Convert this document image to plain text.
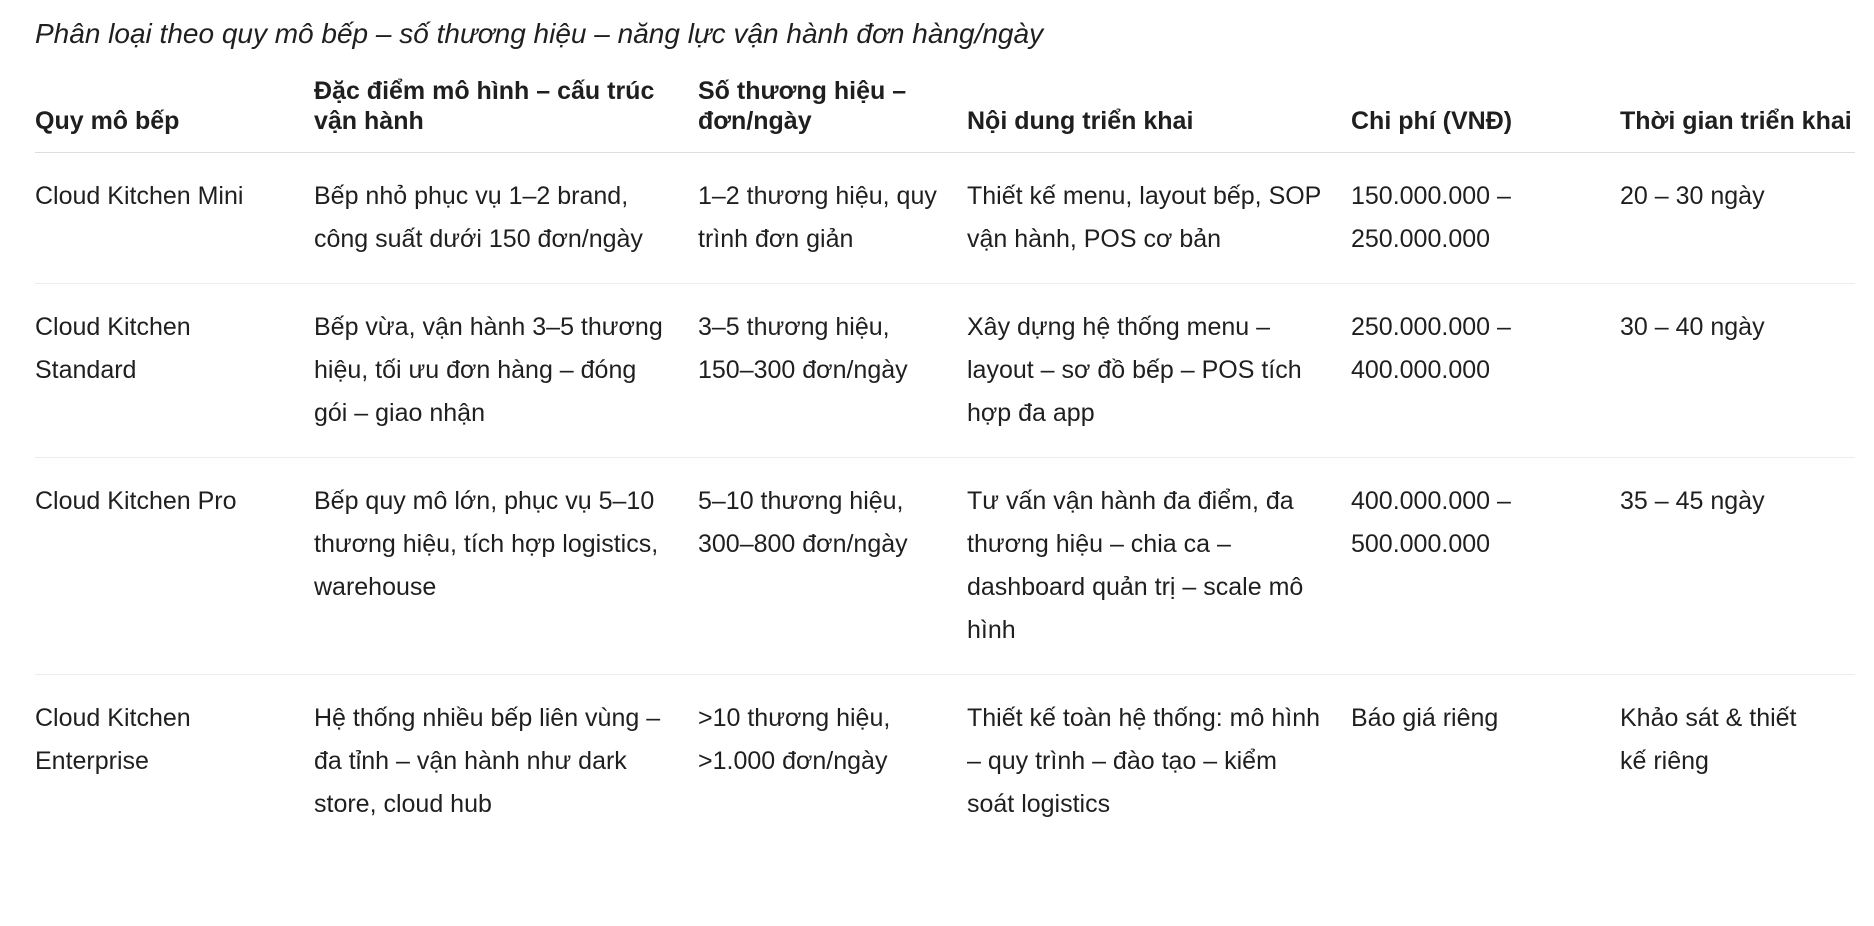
Phân loại theo quy mô bếp – số thương hiệu – năng lực vận hành đơn hàng/ngày

Quy mô bếp	Đặc điểm mô hình – cấu trúc vận hành	Số thương hiệu – đơn/ngày	Nội dung triển khai	Chi phí (VNĐ)	Thời gian triển khai
Cloud Kitchen Mini	Bếp nhỏ phục vụ 1–2 brand, công suất dưới 150 đơn/ngày	1–2 thương hiệu, quy trình đơn giản	Thiết kế menu, layout bếp, SOP vận hành, POS cơ bản	150.000.000 – 250.000.000	20 – 30 ngày
Cloud Kitchen Standard	Bếp vừa, vận hành 3–5 thương hiệu, tối ưu đơn hàng – đóng gói – giao nhận	3–5 thương hiệu, 150–300 đơn/ngày	Xây dựng hệ thống menu – layout – sơ đồ bếp – POS tích hợp đa app	250.000.000 – 400.000.000	30 – 40 ngày
Cloud Kitchen Pro	Bếp quy mô lớn, phục vụ 5–10 thương hiệu, tích hợp logistics, warehouse	5–10 thương hiệu, 300–800 đơn/ngày	Tư vấn vận hành đa điểm, đa thương hiệu – chia ca – dashboard quản trị – scale mô hình	400.000.000 – 500.000.000	35 – 45 ngày
Cloud Kitchen Enterprise	Hệ thống nhiều bếp liên vùng – đa tỉnh – vận hành như dark store, cloud hub	>10 thương hiệu, >1.000 đơn/ngày	Thiết kế toàn hệ thống: mô hình – quy trình – đào tạo – kiểm soát logistics	Báo giá riêng	Khảo sát & thiết kế riêng
